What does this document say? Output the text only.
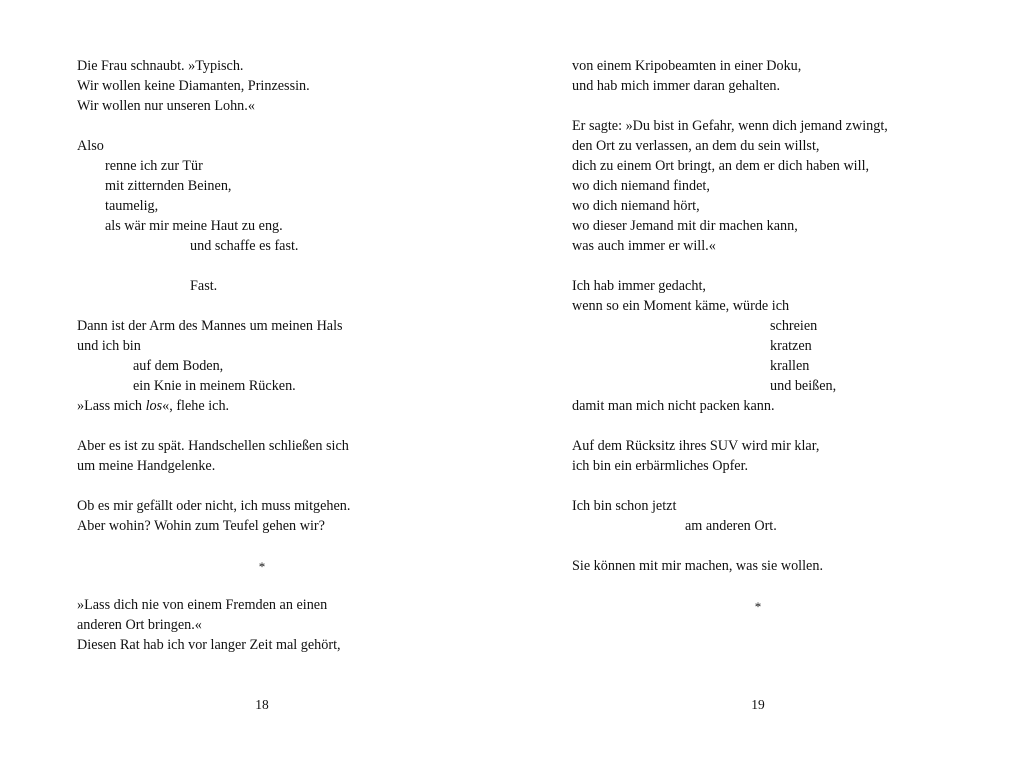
Die Frau schnaubt. »Typisch.
Wir wollen keine Diamanten, Prinzessin.
Wir wollen nur unseren Lohn.«
Also
renne ich zur Tür
mit zitternden Beinen,
taumelig,
als wär mir meine Haut zu eng.
und schaffe es fast.
Fast.
Dann ist der Arm des Mannes um meinen Hals
und ich bin
auf dem Boden,
ein Knie in meinem Rücken.
»Lass mich los«, flehe ich.
Aber es ist zu spät. Handschellen schließen sich
um meine Handgelenke.
Ob es mir gefällt oder nicht, ich muss mitgehen.
Aber wohin? Wohin zum Teufel gehen wir?
*
»Lass dich nie von einem Fremden an einen
anderen Ort bringen.«
Diesen Rat hab ich vor langer Zeit mal gehört,
18
von einem Kripobeamten in einer Doku,
und hab mich immer daran gehalten.
Er sagte: »Du bist in Gefahr, wenn dich jemand zwingt,
den Ort zu verlassen, an dem du sein willst,
dich zu einem Ort bringt, an dem er dich haben will,
wo dich niemand findet,
wo dich niemand hört,
wo dieser Jemand mit dir machen kann,
was auch immer er will.«
Ich hab immer gedacht,
wenn so ein Moment käme, würde ich
schreien
kratzen
krallen
und beißen,
damit man mich nicht packen kann.
Auf dem Rücksitz ihres SUV wird mir klar,
ich bin ein erbärmliches Opfer.
Ich bin schon jetzt
am anderen Ort.
Sie können mit mir machen, was sie wollen.
*
19
